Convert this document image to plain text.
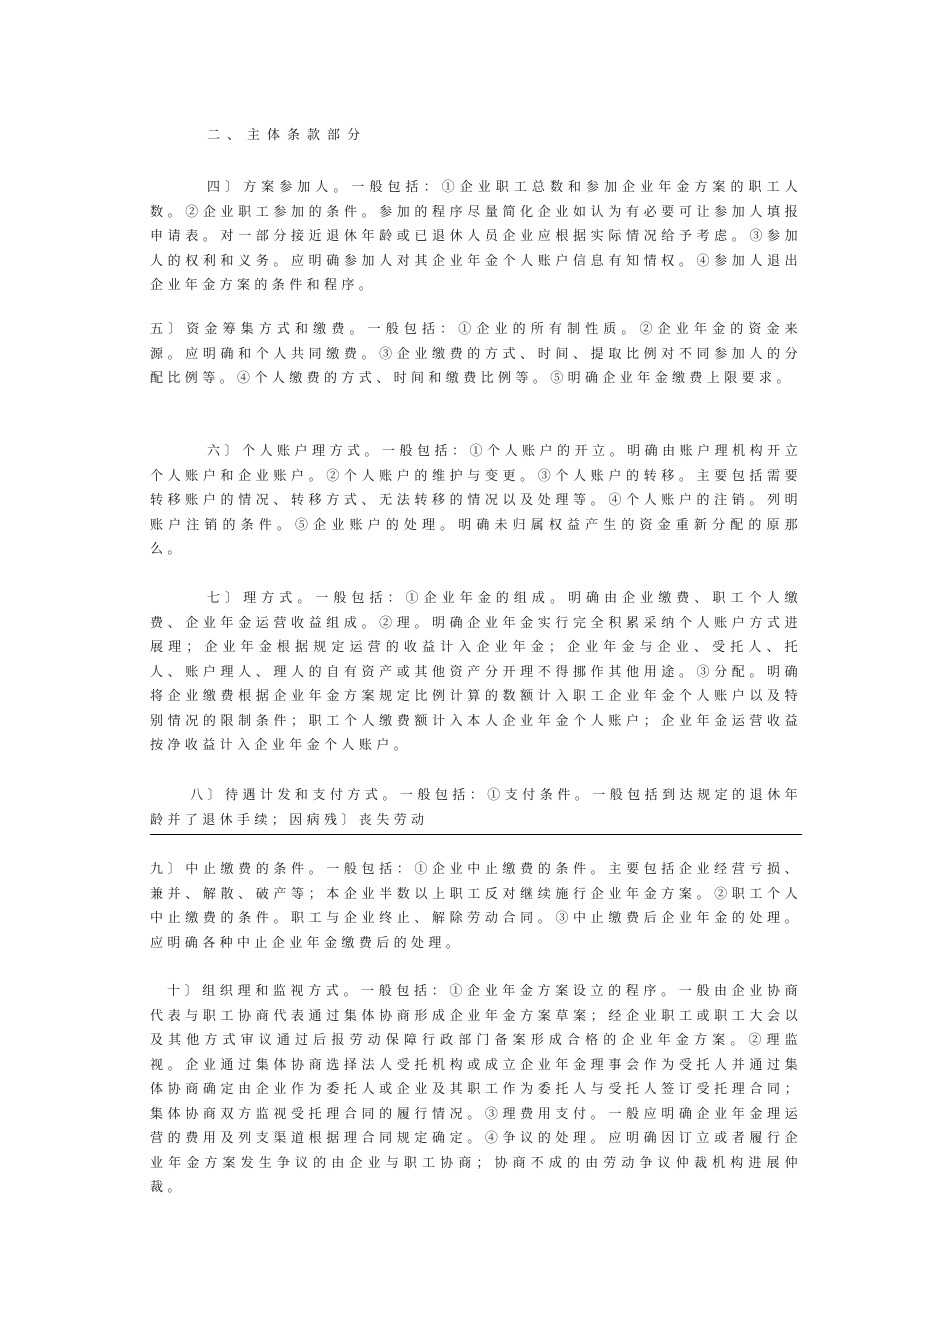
二、主体条款部分

四〕方案参加人。一般包括：①企业职工总数和参加企业年金方案的职工人数。②企业职工参加的条件。参加的程序尽量简化企业如认为有必要可让参加人填报申请表。对一部分接近退休年龄或已退休人员企业应根据实际情况给予考虑。③参加人的权利和义务。应明确参加人对其企业年金个人账户信息有知情权。④参加人退出企业年金方案的条件和程序。

五〕资金筹集方式和缴费。一般包括：①企业的所有制性质。②企业年金的资金来源。应明确和个人共同缴费。③企业缴费的方式、时间、提取比例对不同参加人的分配比例等。④个人缴费的方式、时间和缴费比例等。⑤明确企业年金缴费上限要求。

六〕个人账户理方式。一般包括：①个人账户的开立。明确由账户理机构开立个人账户和企业账户。②个人账户的维护与变更。③个人账户的转移。主要包括需要转移账户的情况、转移方式、无法转移的情况以及处理等。④个人账户的注销。列明账户注销的条件。⑤企业账户的处理。明确未归属权益产生的资金重新分配的原那么。

七〕理方式。一般包括：①企业年金的组成。明确由企业缴费、职工个人缴费、企业年金运营收益组成。②理。明确企业年金实行完全积累采纳个人账户方式进展理；企业年金根据规定运营的收益计入企业年金；企业年金与企业、受托人、托人、账户理人、理人的自有资产或其他资产分开理不得挪作其他用途。③分配。明确将企业缴费根据企业年金方案规定比例计算的数额计入职工企业年金个人账户以及特别情况的限制条件；职工个人缴费额计入本人企业年金个人账户；企业年金运营收益按净收益计入企业年金个人账户。

八〕待遇计发和支付方式。一般包括：①支付条件。一般包括到达规定的退休年龄并了退休手续；因病残〕丧失劳动

九〕中止缴费的条件。一般包括：①企业中止缴费的条件。主要包括企业经营亏损、兼并、解散、破产等；本企业半数以上职工反对继续施行企业年金方案。②职工个人中止缴费的条件。职工与企业终止、解除劳动合同。③中止缴费后企业年金的处理。应明确各种中止企业年金缴费后的处理。

十〕组织理和监视方式。一般包括：①企业年金方案设立的程序。一般由企业协商代表与职工协商代表通过集体协商形成企业年金方案草案；经企业职工或职工大会以及其他方式审议通过后报劳动保障行政部门备案形成合格的企业年金方案。②理监视。企业通过集体协商选择法人受托机构或成立企业年金理事会作为受托人并通过集体协商确定由企业作为委托人或企业及其职工作为委托人与受托人签订受托理合同；集体协商双方监视受托理合同的履行情况。③理费用支付。一般应明确企业年金理运营的费用及列支渠道根据理合同规定确定。④争议的处理。应明确因订立或者履行企业年金方案发生争议的由企业与职工协商；协商不成的由劳动争议仲裁机构进展仲裁。
